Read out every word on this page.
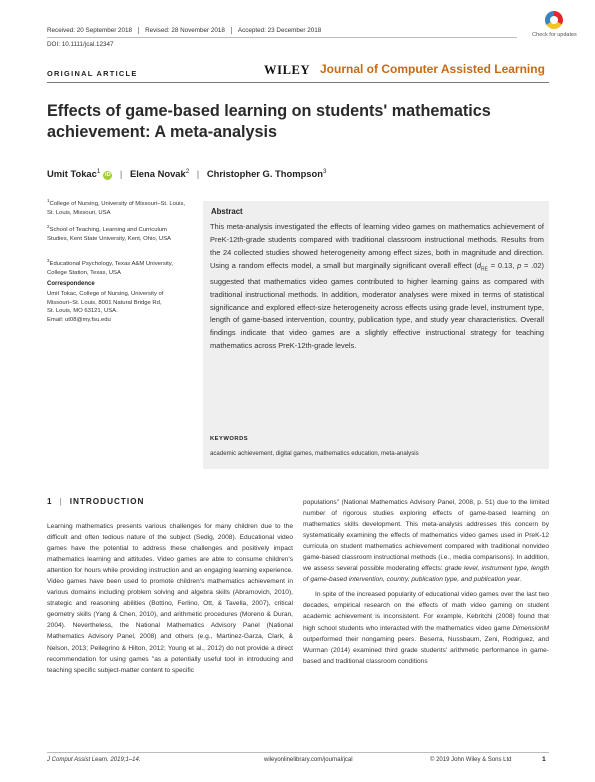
Received: 20 September 2018	Revised: 28 November 2018	Accepted: 23 December 2018
DOI: 10.1111/jcal.12347
Check for updates
ORIGINAL ARTICLE	WILEY Journal of Computer Assisted Learning
Effects of game-based learning on students' mathematics achievement: A meta-analysis
Umit Tokac$^1$iD | Elena Novak$^2$ | Christopher G. Thompson$^3$
$^1$College of Nursing, University of Missouri–St. Louis, St. Louis, Missouri, USA
$^2$School of Teaching, Learning and Curriculum Studies, Kent State University, Kent, Ohio, USA
$^3$Educational Psychology, Texas A&M University, College Station, Texas, USA
Correspondence
Umit Tokac, College of Nursing, University of
Missouri–St. Louis, 8001 Natural Bridge Rd,
St. Louis, MO 63121, USA.
Email: ut08@my.fsu.edu
Abstract
This meta-analysis investigated the effects of learning video games on mathematics achievement of PreK-12th-grade students compared with traditional classroom instructional methods. Results from the 24 collected studies showed heterogeneity among effect sizes, both in magnitude and direction. Using a random effects model, a small but marginally significant overall effect ($d_{RE} = 0.13$, p = .02) suggested that mathematics video games contributed to higher learning gains as compared with traditional instructional methods. In addition, moderator analyses were mixed in terms of statistical significance and explored effect-size heterogeneity across effects using grade level, instrument type, length of game-based intervention, country, publication type, and study year characteristics. Overall findings indicate that video games are a slightly effective instructional strategy for teaching mathematics across PreK-12th-grade levels.
KEYWORDS
academic achievement, digital games, mathematics education, meta-analysis
1 | INTRODUCTION

Learning mathematics presents various challenges for many children due to the difficult and often tedious nature of the subject (Sedig, 2008). Educational video games have the potential to address these challenges and positively impact mathematics learning and attitudes. Video games are able to consume children's attention for hours while providing instruction and an engaging learning experience. Video games have been used to promote children's mathematics achievement in various domains including problem solving and algebra skills (Abramovich, 2010), strategic and reasoning abilities (Bottino, Ferlino, Ott, & Tavella, 2007), critical geometry skills (Yang & Chen, 2010), and arithmetic procedures (Moreno & Duran, 2004). Nevertheless, the National Mathematics Advisory Panel (National Mathematics Advisory Panel, 2008) and others (e.g., Martinez-Garza, Clark, & Nelson, 2013; Pellegrino & Hilton, 2012; Young et al., 2012) do not provide a direct recommendation for using games "as a potentially useful tool in introducing and teaching specific subject-matter content to specific

populations" (National Mathematics Advisory Panel, 2008, p. 51) due to the limited number of rigorous studies exploring effects of game-based learning on mathematics skills development. This meta-analysis addresses this concern by systematically examining the effects of mathematics video games used in PreK-12 curricula on student mathematics achievement compared with traditional nonvideo game-based classroom instructional methods (i.e., media comparisons). In addition, we assess several possible moderating effects: grade level, instrument type, length of game-based intervention, country, publication type, and publication year.

In spite of the increased popularity of educational video games over the last two decades, empirical research on the effects of math video gaming on student academic achievement is inconsistent. For example, Kebritchi (2008) found that high school students who interacted with the mathematics video game DimensionM outperformed their nongaming peers. Beserra, Nussbaum, Zeni, Rodriguez, and Wurman (2014) examined third grade students' arithmetic performance in game-based and traditional classroom conditions

J Comput Assist Learn. 2019;1–14.	wileyonlinelibrary.com/journal/jcal	© 2019 John Wiley & Sons Ltd	1
